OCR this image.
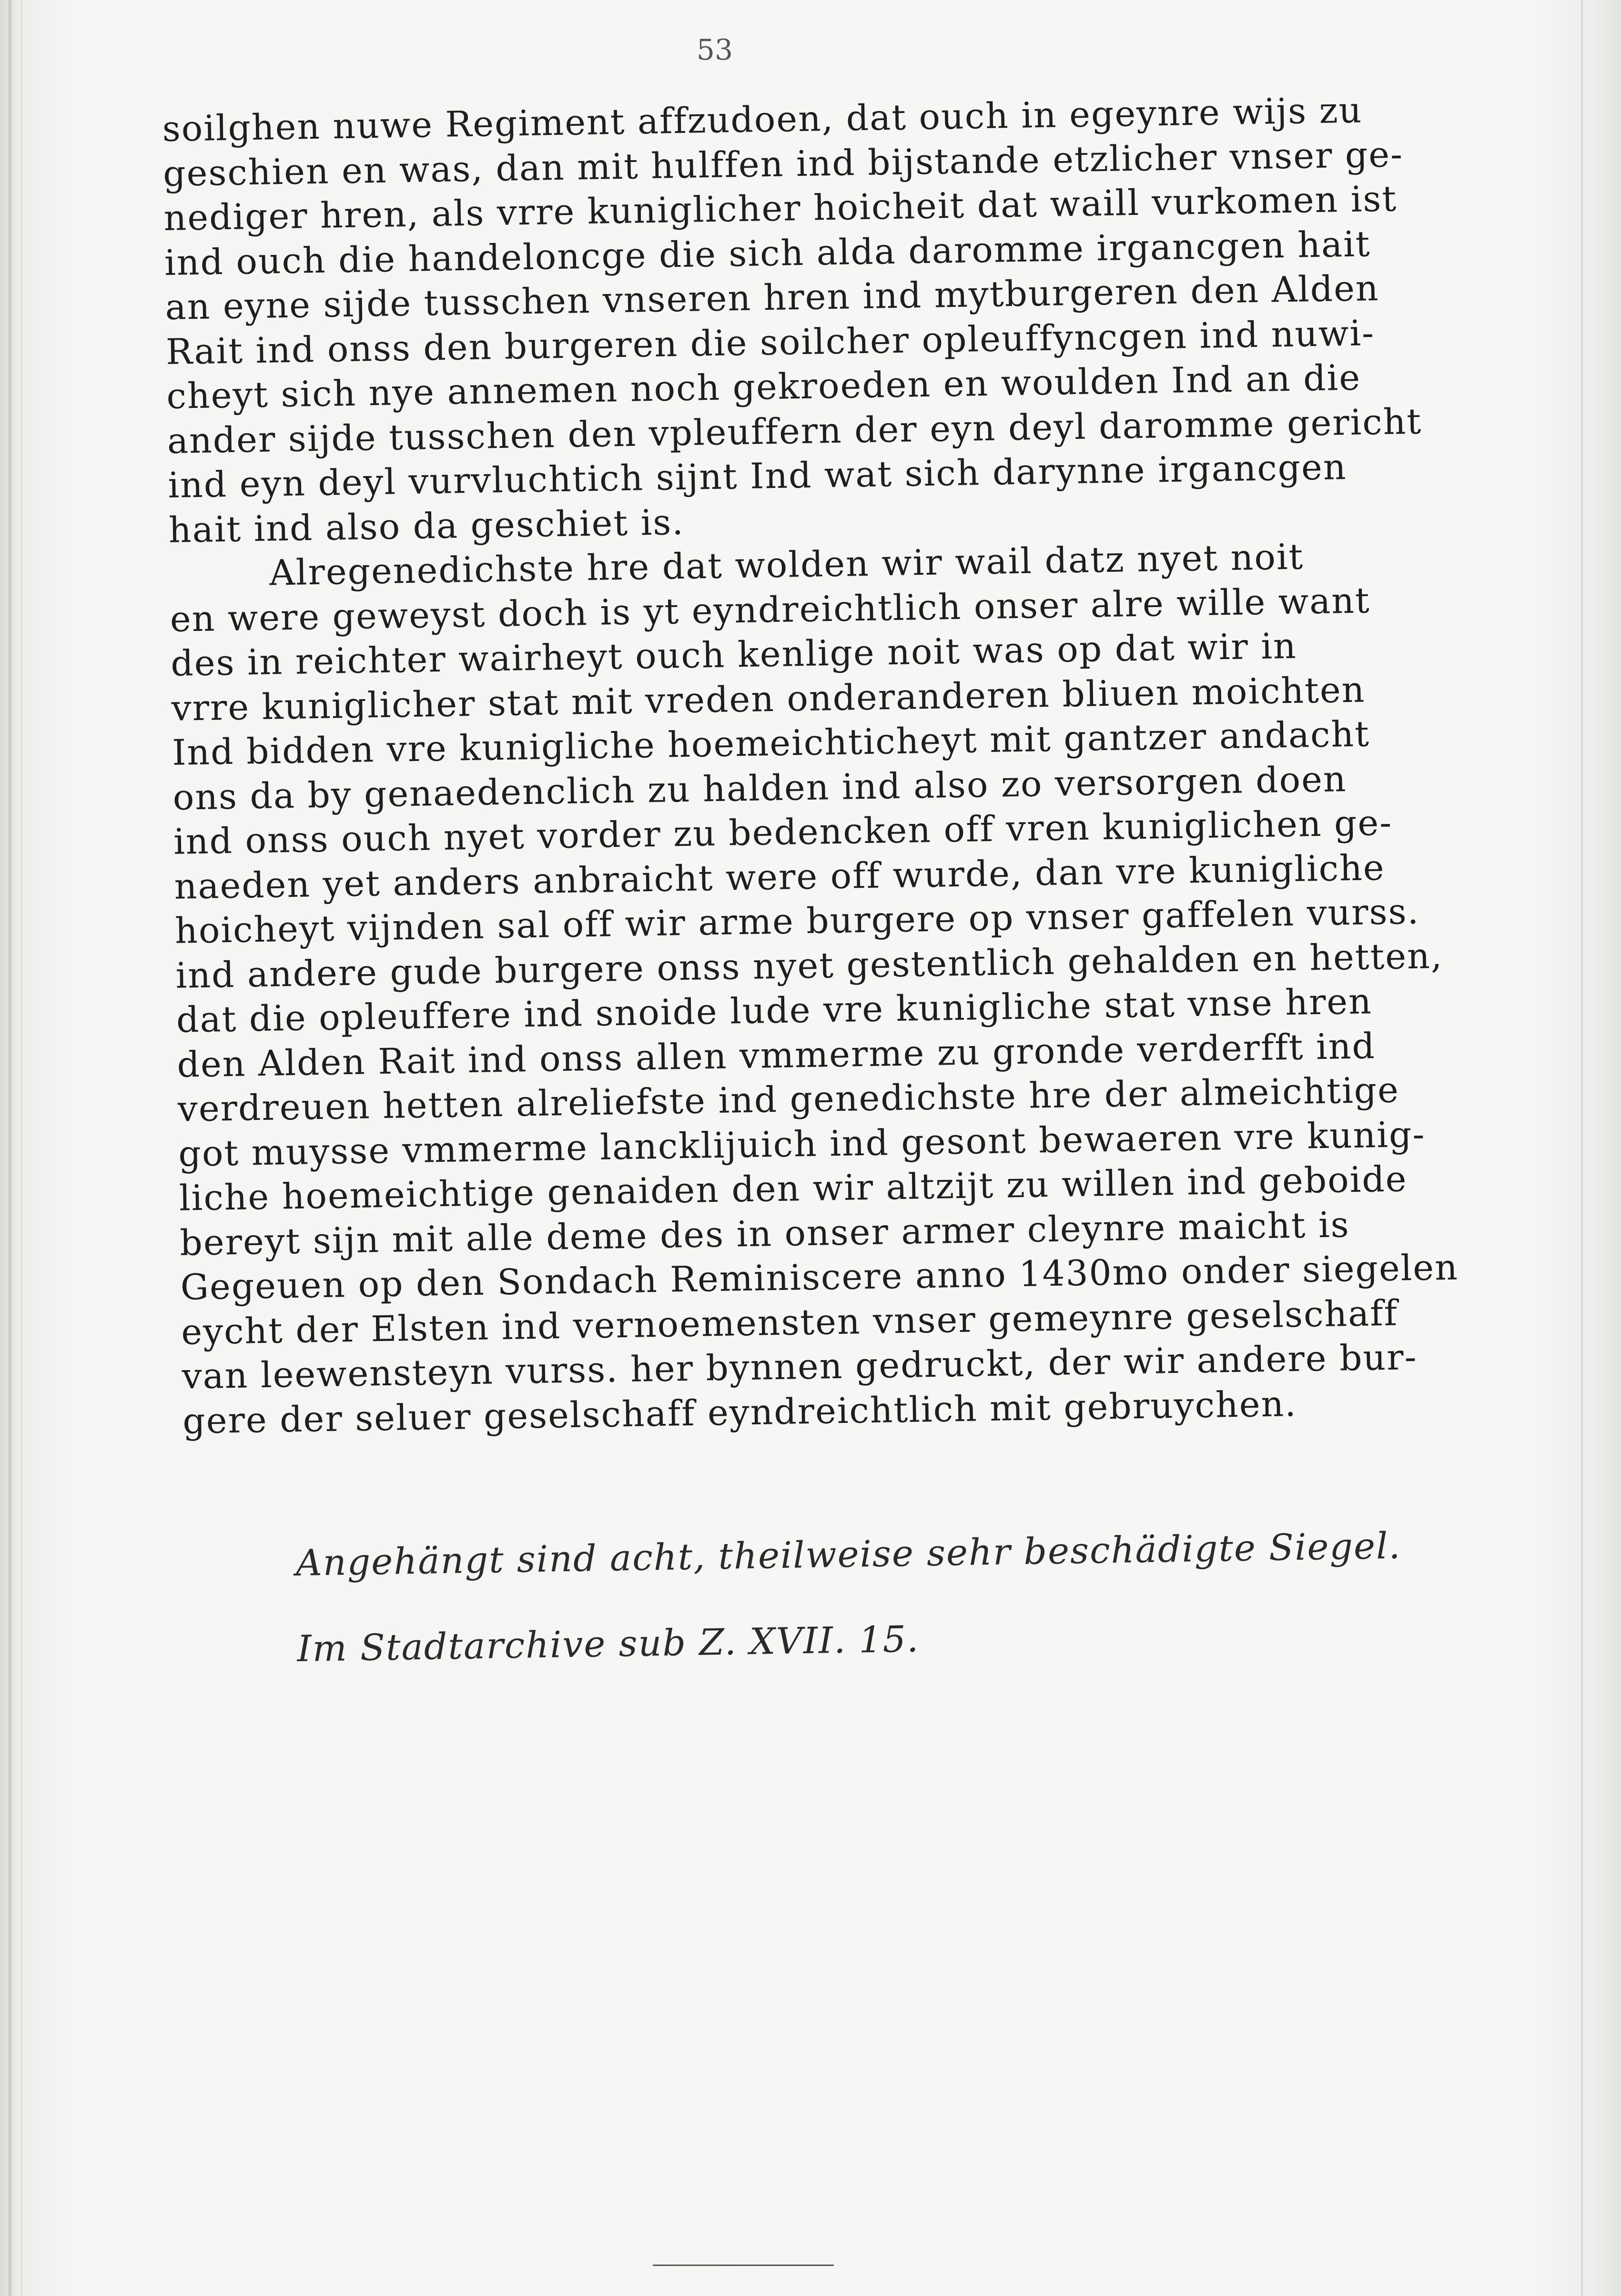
53
soilghen nuwe Regiment affzudoen, dat ouch in egeynre wijs zu
geschien en was, dan mit hulffen ind bijstande etzlicher vnser ge-
nediger hren, als vrre kuniglicher hoicheit dat waill vurkomen ist
ind ouch die handeloncge die sich alda daromme irgancgen hait
an eyne sijde tusschen vnseren hren ind mytburgeren den Alden
Rait ind onss den burgeren die soilcher opleuffyncgen ind nuwi-
cheyt sich nye annemen noch gekroeden en woulden Ind an die
ander sijde tusschen den vpleuffern der eyn deyl daromme gericht
ind eyn deyl vurvluchtich sijnt Ind wat sich darynne irgancgen
hait ind also da geschiet is.
Alregenedichste hre dat wolden wir wail datz nyet noit
en were geweyst doch is yt eyndreichtlich onser alre wille want
des in reichter wairheyt ouch kenlige noit was op dat wir in
vrre kuniglicher stat mit vreden onderanderen bliuen moichten
Ind bidden vre kunigliche hoemeichticheyt mit gantzer andacht
ons da by genaedenclich zu halden ind also zo versorgen doen
ind onss ouch nyet vorder zu bedencken off vren kuniglichen ge-
naeden yet anders anbraicht were off wurde, dan vre kunigliche
hoicheyt vijnden sal off wir arme burgere op vnser gaffelen vurss.
ind andere gude burgere onss nyet gestentlich gehalden en hetten,
dat die opleuffere ind snoide lude vre kunigliche stat vnse hren
den Alden Rait ind onss allen vmmerme zu gronde verderfft ind
verdreuen hetten alreliefste ind genedichste hre der almeichtige
got muysse vmmerme lancklijuich ind gesont bewaeren vre kunig-
liche hoemeichtige genaiden den wir altzijt zu willen ind geboide
bereyt sijn mit alle deme des in onser armer cleynre maicht is
Gegeuen op den Sondach Reminiscere anno 1430mo onder siegelen
eycht der Elsten ind vernoemensten vnser gemeynre geselschaff
van leewensteyn vurss. her bynnen gedruckt, der wir andere bur-
gere der seluer geselschaff eyndreichtlich mit gebruychen.
Angehängt sind acht, theilweise sehr beschädigte Siegel.
Im Stadtarchive sub Z. XVII. 15.
